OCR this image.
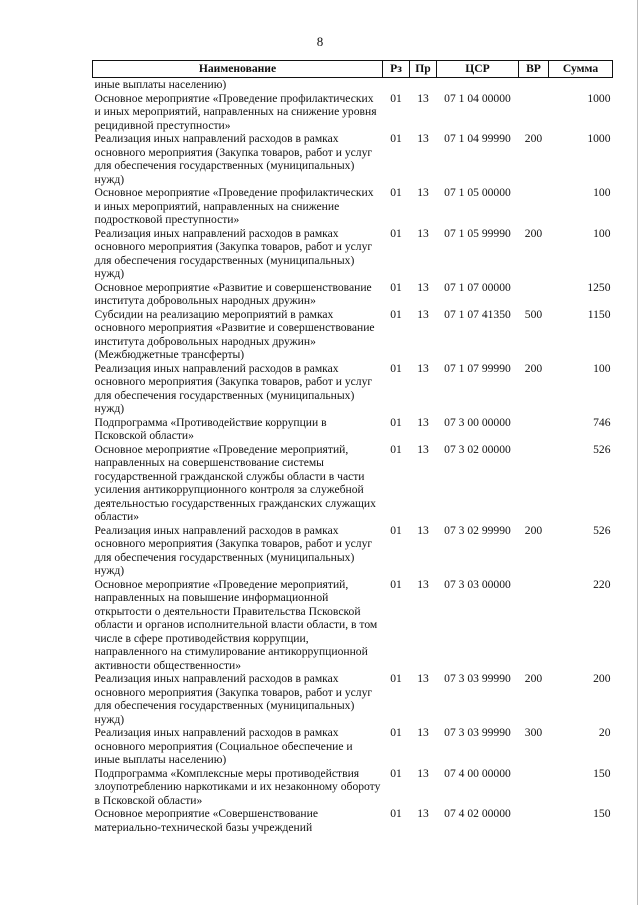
8
Наименование	Рз	Пр	ЦСР	ВР	Сумма
иные выплаты населению)					
Основное мероприятие «Проведение профилактических и иных мероприятий, направленных на снижение уровня рецидивной преступности»	01	13	07 1 04 00000		1000
Реализация иных направлений расходов в рамках основного мероприятия (Закупка товаров, работ и услуг для обеспечения государственных (муниципальных) нужд)	01	13	07 1 04 99990	200	1000
Основное мероприятие «Проведение профилактических и иных мероприятий, направленных на снижение подростковой преступности»	01	13	07 1 05 00000		100
Реализация иных направлений расходов в рамках основного мероприятия (Закупка товаров, работ и услуг для обеспечения государственных (муниципальных) нужд)	01	13	07 1 05 99990	200	100
Основное мероприятие «Развитие и совершенствование института добровольных народных дружин»	01	13	07 1 07 00000		1250
Субсидии на реализацию мероприятий в рамках основного мероприятия «Развитие и совершенствование института добровольных народных дружин» (Межбюджетные трансферты)	01	13	07 1 07 41350	500	1150
Реализация иных направлений расходов в рамках основного мероприятия (Закупка товаров, работ и услуг для обеспечения государственных (муниципальных) нужд)	01	13	07 1 07 99990	200	100
Подпрограмма «Противодействие коррупции в Псковской области»	01	13	07 3 00 00000		746
Основное мероприятие «Проведение мероприятий, направленных на совершенствование системы государственной гражданской службы области в части усиления антикоррупционного контроля за служебной деятельностью государственных гражданских служащих области»	01	13	07 3 02 00000		526
Реализация иных направлений расходов в рамках основного мероприятия (Закупка товаров, работ и услуг для обеспечения государственных (муниципальных) нужд)	01	13	07 3 02 99990	200	526
Основное мероприятие «Проведение мероприятий, направленных на повышение информационной открытости о деятельности Правительства Псковской области и органов исполнительной власти области, в том числе в сфере противодействия коррупции, направленного на стимулирование антикоррупционной активности общественности»	01	13	07 3 03 00000		220
Реализация иных направлений расходов в рамках основного мероприятия (Закупка товаров, работ и услуг для обеспечения государственных (муниципальных) нужд)	01	13	07 3 03 99990	200	200
Реализация иных направлений расходов в рамках основного мероприятия (Социальное обеспечение и иные выплаты населению)	01	13	07 3 03 99990	300	20
Подпрограмма «Комплексные меры противодействия злоупотреблению наркотиками и их незаконному обороту в Псковской области»	01	13	07 4 00 00000		150
Основное мероприятие «Совершенствование материально-технической базы учреждений	01	13	07 4 02 00000		150
